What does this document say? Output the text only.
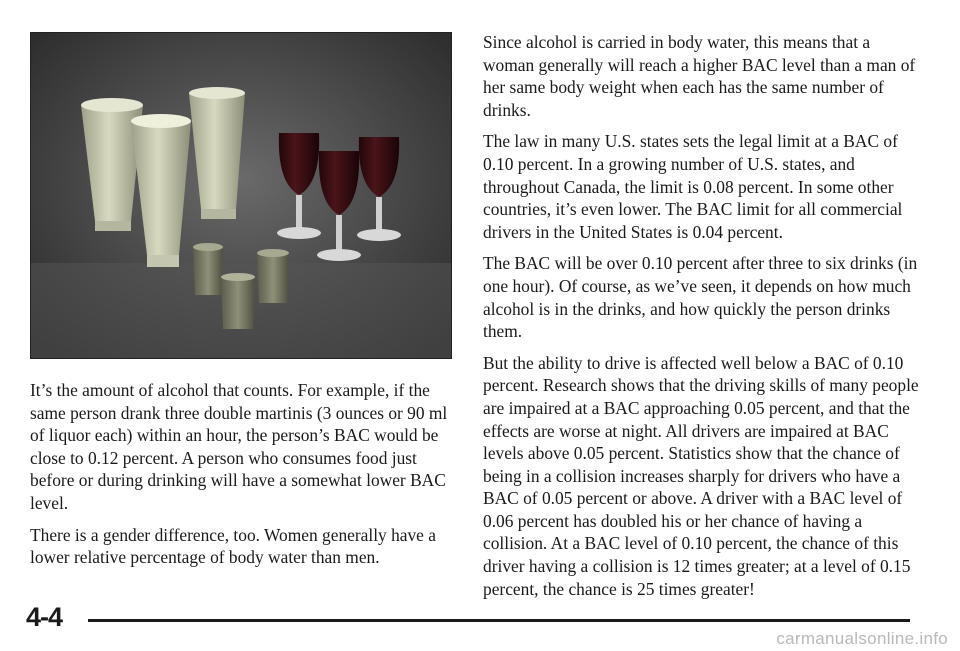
It’s the amount of alcohol that counts. For example, if the same person drank three double martinis (3 ounces or 90 ml of liquor each) within an hour, the person’s BAC would be close to 0.12 percent. A person who consumes food just before or during drinking will have a somewhat lower BAC level.

There is a gender difference, too. Women generally have a lower relative percentage of body water than men.

Since alcohol is carried in body water, this means that a woman generally will reach a higher BAC level than a man of her same body weight when each has the same number of drinks.

The law in many U.S. states sets the legal limit at a BAC of 0.10 percent. In a growing number of U.S. states, and throughout Canada, the limit is 0.08 percent. In some other countries, it’s even lower. The BAC limit for all commercial drivers in the United States is 0.04 percent.

The BAC will be over 0.10 percent after three to six drinks (in one hour). Of course, as we’ve seen, it depends on how much alcohol is in the drinks, and how quickly the person drinks them.

But the ability to drive is affected well below a BAC of 0.10 percent. Research shows that the driving skills of many people are impaired at a BAC approaching 0.05 percent, and that the effects are worse at night. All drivers are impaired at BAC levels above 0.05 percent. Statistics show that the chance of being in a collision increases sharply for drivers who have a BAC of 0.05 percent or above. A driver with a BAC level of 0.06 percent has doubled his or her chance of having a collision. At a BAC level of 0.10 percent, the chance of this driver having a collision is 12 times greater; at a level of 0.15 percent, the chance is 25 times greater!

4-4
carmanualsonline.info
